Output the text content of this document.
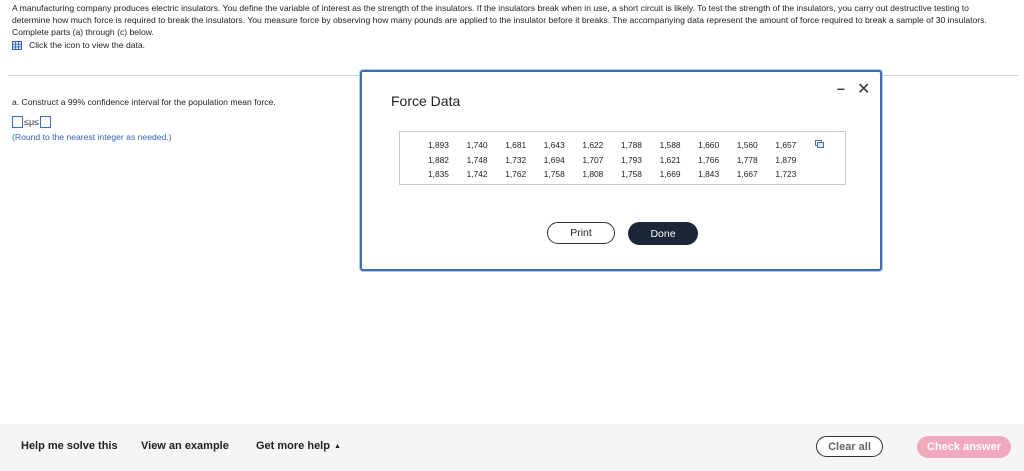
A manufacturing company produces electric insulators. You define the variable of interest as the strength of the insulators. If the insulators break when in use, a short circuit is likely. To test the strength of the insulators, you carry out destructive testing to determine how much force is required to break the insulators. You measure force by observing how many pounds are applied to the insulator before it breaks. The accompanying data represent the amount of force required to break a sample of 30 insulators. Complete parts (a) through (c) below.
Click the icon to view the data.
a. Construct a 99% confidence interval for the population mean force.
≤μ≤
(Round to the nearest integer as needed.)
Force Data
– ✕
1,893	1,740	1,681	1,643	1,622	1,788	1,588	1,660	1,560	1,657
1,882	1,748	1,732	1,694	1,707	1,793	1,621	1,766	1,778	1,879
1,835	1,742	1,762	1,758	1,808	1,758	1,669	1,843	1,667	1,723
Print	Done
Help me solve this View an example Get more help ▲	Clear all	Check answer
